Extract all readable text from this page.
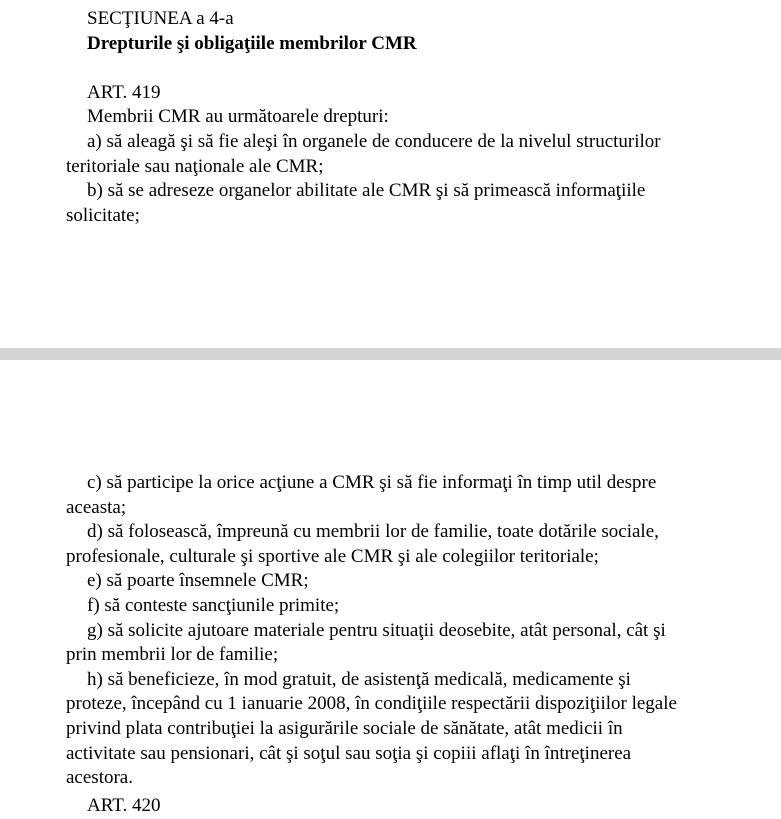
SECŢIUNEA a 4-a
Drepturile şi obligaţiile membrilor CMR
ART. 419
Membrii CMR au următoarele drepturi:
a) să aleagă şi să fie aleşi în organele de conducere de la nivelul structurilor
teritoriale sau naţionale ale CMR;
b) să se adreseze organelor abilitate ale CMR şi să primească informaţiile
solicitate;
c) să participe la orice acţiune a CMR şi să fie informaţi în timp util despre
aceasta;
d) să folosească, împreună cu membrii lor de familie, toate dotările sociale,
profesionale, culturale şi sportive ale CMR şi ale colegiilor teritoriale;
e) să poarte însemnele CMR;
f) să conteste sancţiunile primite;
g) să solicite ajutoare materiale pentru situaţii deosebite, atât personal, cât şi
prin membrii lor de familie;
h) să beneficieze, în mod gratuit, de asistenţă medicală, medicamente şi
proteze, începând cu 1 ianuarie 2008, în condiţiile respectării dispoziţiilor legale
privind plata contribuţiei la asigurările sociale de sănătate, atât medicii în
activitate sau pensionari, cât şi soţul sau soţia şi copiii aflaţi în întreţinerea
acestora.
ART. 420
